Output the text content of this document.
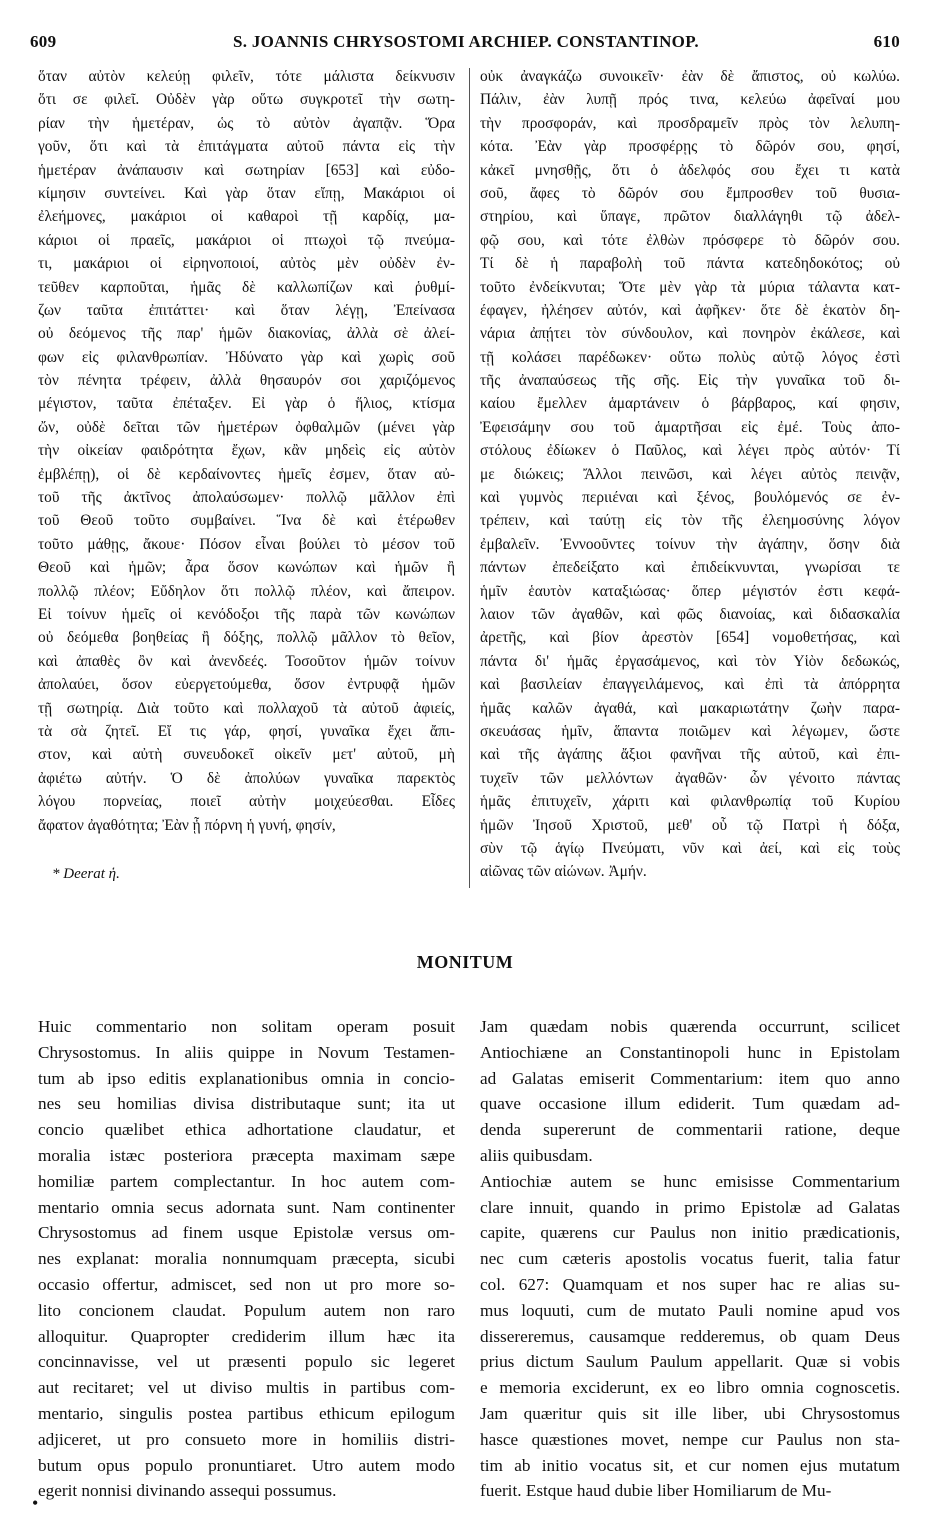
609	S. JOANNIS CHRYSOSTOMI ARCHIEP. CONSTANTINOP.	610
ὅταν αὐτὸν κελεύῃ φιλεῖν, τότε μάλιστα δείκνυσιν
ὅτι σε φιλεῖ. Οὐδὲν γὰρ οὕτω συγκροτεῖ τὴν σωτη-
ρίαν τὴν ἡμετέραν, ὡς τὸ αὐτὸν ἀγαπᾷν. Ὅρα
γοῦν, ὅτι καὶ τὰ ἐπιτάγματα αὐτοῦ πάντα εἰς τὴν
ἡμετέραν ἀνάπαυσιν καὶ σωτηρίαν [653] καὶ εὐδο-
κίμησιν συντείνει. Καὶ γὰρ ὅταν εἴπῃ, Μακάριοι οἱ
ἐλεήμονες, μακάριοι οἱ καθαροὶ τῇ καρδίᾳ, μα-
κάριοι οἱ πραεῖς, μακάριοι οἱ πτωχοὶ τῷ πνεύμα-
τι, μακάριοι οἱ εἰρηνοποιοί, αὐτὸς μὲν οὐδὲν ἐν-
τεῦθεν καρποῦται, ἡμᾶς δὲ καλλωπίζων καὶ ῥυθμί-
ζων ταῦτα ἐπιτάττει· καὶ ὅταν λέγῃ, Ἐπείνασα
οὐ δεόμενος τῆς παρ' ἡμῶν διακονίας, ἀλλὰ σὲ ἀλεί-
φων εἰς φιλανθρωπίαν. Ἠδύνατο γὰρ καὶ χωρὶς σοῦ
τὸν πένητα τρέφειν, ἀλλὰ θησαυρόν σοι χαριζόμενος
μέγιστον, ταῦτα ἐπέταξεν. Εἰ γὰρ ὁ ἥλιος, κτίσμα
ὤν, οὐδὲ δεῖται τῶν ἡμετέρων ὀφθαλμῶν (μένει γὰρ
τὴν οἰκείαν φαιδρότητα ἔχων, κἂν μηδεὶς εἰς αὐτὸν
ἐμβλέπῃ), οἱ δὲ κερδαίνοντες ἡμεῖς ἐσμεν, ὅταν αὐ-
τοῦ τῆς ἀκτῖνος ἀπολαύσωμεν· πολλῷ μᾶλλον ἐπὶ
τοῦ Θεοῦ τοῦτο συμβαίνει. Ἵνα δὲ καὶ ἑτέρωθεν
τοῦτο μάθῃς, ἄκουε· Πόσον εἶναι βούλει τὸ μέσον τοῦ
Θεοῦ καὶ ἡμῶν; ἆρα ὅσον κωνώπων καὶ ἡμῶν ἢ
πολλῷ πλέον; Εὔδηλον ὅτι πολλῷ πλέον, καὶ ἄπειρον.
Εἰ τοίνυν ἡμεῖς οἱ κενόδοξοι τῆς παρὰ τῶν κωνώπων
οὐ δεόμεθα βοηθείας ἢ δόξης, πολλῷ μᾶλλον τὸ θεῖον,
καὶ ἀπαθὲς ὂν καὶ ἀνενδεές. Τοσοῦτον ἡμῶν τοίνυν
ἀπολαύει, ὅσον εὐεργετούμεθα, ὅσον ἐντρυφᾷ ἡμῶν
τῇ σωτηρίᾳ. Διὰ τοῦτο καὶ πολλαχοῦ τὰ αὐτοῦ ἀφιείς,
τὰ σὰ ζητεῖ. Εἴ τις γάρ, φησί, γυναῖκα ἔχει ἄπι-
στον, καὶ αὐτὴ συνευδοκεῖ οἰκεῖν μετ' αὐτοῦ, μὴ
ἀφιέτω αὐτήν. Ὁ δὲ ἀπολύων γυναῖκα παρεκτὸς
λόγου πορνείας, ποιεῖ αὐτὴν μοιχεύεσθαι. Εἶδες
ἄφατον ἀγαθότητα; Ἐὰν ᾖ πόρνη ἡ γυνή, φησίν,
οὐκ ἀναγκάζω συνοικεῖν· ἐὰν δὲ ἄπιστος, οὐ κωλύω.
Πάλιν, ἐὰν λυπῇ πρός τινα, κελεύω ἀφεῖναί μου
τὴν προσφοράν, καὶ προσδραμεῖν πρὸς τὸν λελυπη-
κότα. Ἐὰν γὰρ προσφέρῃς τὸ δῶρόν σου, φησί,
κἀκεῖ μνησθῇς, ὅτι ὁ ἀδελφός σου ἔχει τι κατὰ
σοῦ, ἄφες τὸ δῶρόν σου ἔμπροσθεν τοῦ θυσια-
στηρίου, καὶ ὕπαγε, πρῶτον διαλλάγηθι τῷ ἀδελ-
φῷ σου, καὶ τότε ἐλθὼν πρόσφερε τὸ δῶρόν σου.
Τί δὲ ἡ παραβολὴ τοῦ πάντα κατεδηδοκότος; οὐ
τοῦτο ἐνδείκνυται; Ὅτε μὲν γὰρ τὰ μύρια τάλαντα κατ-
έφαγεν, ἠλέησεν αὐτόν, καὶ ἀφῆκεν· ὅτε δὲ ἑκατὸν δη-
νάρια ἀπῄτει τὸν σύνδουλον, καὶ πονηρὸν ἐκάλεσε, καὶ
τῇ κολάσει παρέδωκεν· οὕτω πολὺς αὐτῷ λόγος ἐστὶ
τῆς ἀναπαύσεως τῆς σῆς. Εἰς τὴν γυναῖκα τοῦ δι-
καίου ἔμελλεν ἁμαρτάνειν ὁ βάρβαρος, καί φησιν,
Ἐφεισάμην σου τοῦ ἁμαρτῆσαι εἰς ἐμέ. Τοὺς ἀπο-
στόλους ἐδίωκεν ὁ Παῦλος, καὶ λέγει πρὸς αὐτόν· Τί
με διώκεις; Ἄλλοι πεινῶσι, καὶ λέγει αὐτὸς πεινᾷν,
καὶ γυμνὸς περιιέναι καὶ ξένος, βουλόμενός σε ἐν-
τρέπειν, καὶ ταύτῃ εἰς τὸν τῆς ἐλεημοσύνης λόγον
ἐμβαλεῖν. Ἐννοοῦντες τοίνυν τὴν ἀγάπην, ὅσην διὰ
πάντων ἐπεδείξατο καὶ ἐπιδείκνυνται, γνωρίσαι τε
ἡμῖν ἑαυτὸν καταξιώσας· ὅπερ μέγιστόν ἐστι κεφά-
λαιον τῶν ἀγαθῶν, καὶ φῶς διανοίας, καὶ διδασκαλία
ἀρετῆς, καὶ βίον ἀρεστὸν [654] νομοθετήσας, καὶ
πάντα δι' ἡμᾶς ἐργασάμενος, καὶ τὸν Υἱὸν δεδωκώς,
καὶ βασιλείαν ἐπαγγειλάμενος, καὶ ἐπὶ τὰ ἀπόρρητα
ἡμᾶς καλῶν ἀγαθά, καὶ μακαριωτάτην ζωὴν παρα-
σκευάσας ἡμῖν, ἅπαντα ποιῶμεν καὶ λέγωμεν, ὥστε
καὶ τῆς ἀγάπης ἄξιοι φανῆναι τῆς αὐτοῦ, καὶ ἐπι-
τυχεῖν τῶν μελλόντων ἀγαθῶν· ὧν γένοιτο πάντας
ἡμᾶς ἐπιτυχεῖν, χάριτι καὶ φιλανθρωπίᾳ τοῦ Κυρίου
ἡμῶν Ἰησοῦ Χριστοῦ, μεθ' οὗ τῷ Πατρὶ ἡ δόξα,
σὺν τῷ ἁγίῳ Πνεύματι, νῦν καὶ ἀεί, καὶ εἰς τοὺς
αἰῶνας τῶν αἰώνων. Ἀμήν.
* Deerat ἡ.
MONITUM
Huic commentario non solitam operam posuit
Chrysostomus. In aliis quippe in Novum Testamen-
tum ab ipso editis explanationibus omnia in concio-
nes seu homilias divisa distributaque sunt; ita ut
concio quælibet ethica adhortatione claudatur, et
moralia istæc posteriora præcepta maximam sæpe
homiliæ partem complectantur. In hoc autem com-
mentario omnia secus adornata sunt. Nam continenter
Chrysostomus ad finem usque Epistolæ versus om-
nes explanat: moralia nonnumquam præcepta, sicubi
occasio offertur, admiscet, sed non ut pro more so-
lito concionem claudat. Populum autem non raro
alloquitur. Quapropter crediderim illum hæc ita
concinnavisse, vel ut præsenti populo sic legeret
aut recitaret; vel ut diviso multis in partibus com-
mentario, singulis postea partibus ethicum epilogum
adjiceret, ut pro consueto more in homiliis distri-
butum opus populo pronuntiaret. Utro autem modo
egerit nonnisi divinando assequi possumus.
Jam quædam nobis quærenda occurrunt, scilicet
Antiochiæne an Constantinopoli hunc in Epistolam
ad Galatas emiserit Commentarium: item quo anno
quave occasione illum ediderit. Tum quædam ad-
denda supererunt de commentarii ratione, deque
aliis quibusdam.
Antiochiæ autem se hunc emisisse Commentarium
clare innuit, quando in primo Epistolæ ad Galatas
capite, quærens cur Paulus non initio prædicationis,
nec cum cæteris apostolis vocatus fuerit, talia fatur
col. 627: Quamquam et nos super hac re alias su-
mus loquuti, cum de mutato Pauli nomine apud vos
dissereremus, causamque redderemus, ob quam Deus
prius dictum Saulum Paulum appellarit. Quæ si vobis
e memoria exciderunt, ex eo libro omnia cognoscetis.
Jam quæritur quis sit ille liber, ubi Chrysostomus
hasce quæstiones movet, nempe cur Paulus non sta-
tim ab initio vocatus sit, et cur nomen ejus mutatum
fuerit. Estque haud dubie liber Homiliarum de Mu-
•
